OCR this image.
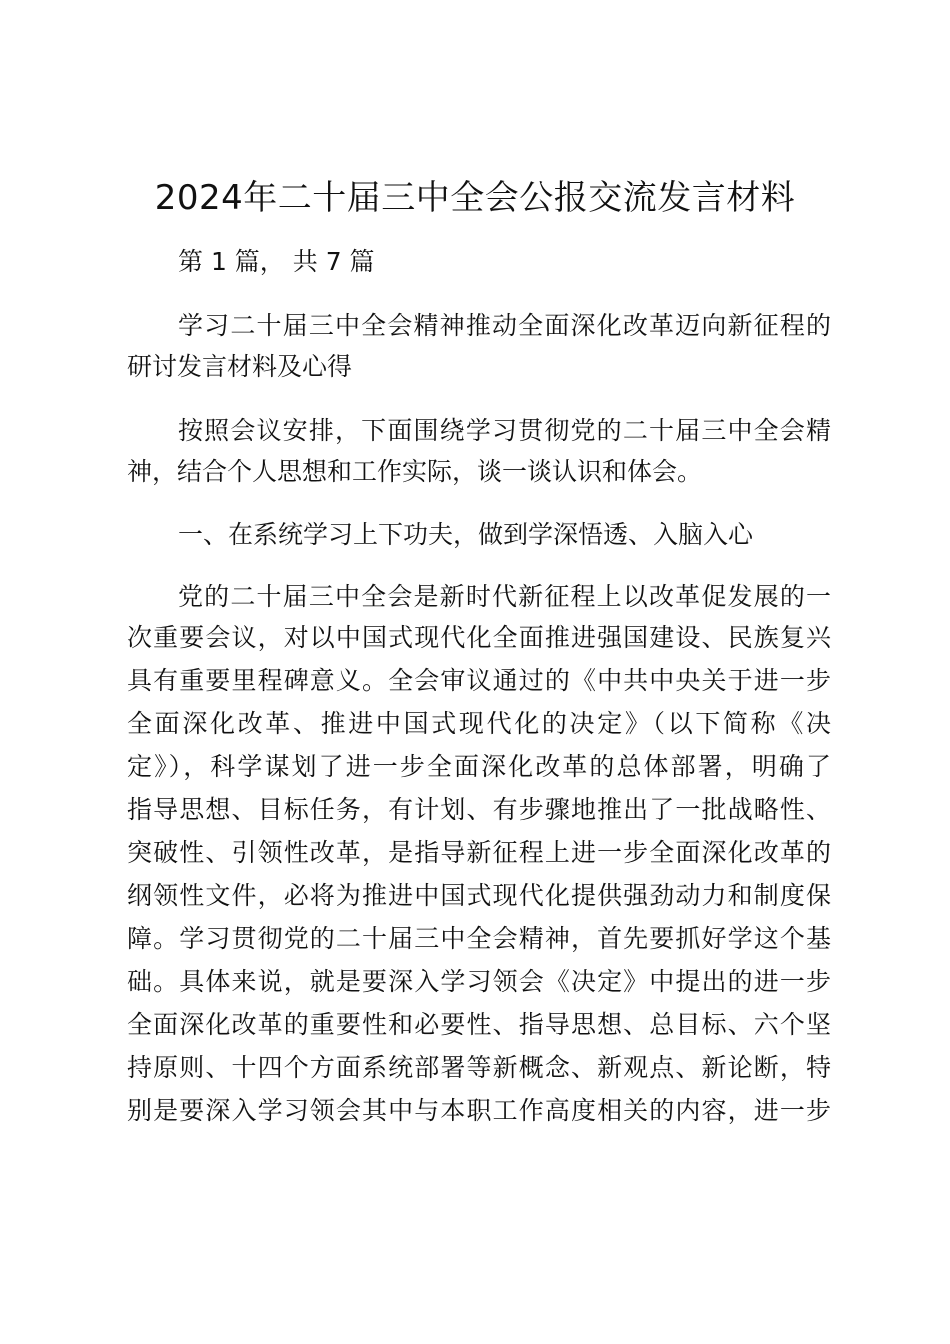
2024年二十届三中全会公报交流发言材料
第 1 篇， 共 7 篇
学习二十届三中全会精神推动全面深化改革迈向新征程的
研讨发言材料及心得
按照会议安排，下面围绕学习贯彻党的二十届三中全会精
神，结合个人思想和工作实际，谈一谈认识和体会。
一、在系统学习上下功夫，做到学深悟透、入脑入心
党的二十届三中全会是新时代新征程上以改革促发展的一
次重要会议，对以中国式现代化全面推进强国建设、民族复兴
具有重要里程碑意义。全会审议通过的《中共中央关于进一步
全面深化改革、推进中国式现代化的决定》（以下简称《决
定》），科学谋划了进一步全面深化改革的总体部署，明确了
指导思想、目标任务，有计划、有步骤地推出了一批战略性、
突破性、引领性改革，是指导新征程上进一步全面深化改革的
纲领性文件，必将为推进中国式现代化提供强劲动力和制度保
障。学习贯彻党的二十届三中全会精神，首先要抓好学这个基
础。具体来说，就是要深入学习领会《决定》中提出的进一步
全面深化改革的重要性和必要性、指导思想、总目标、六个坚
持原则、十四个方面系统部署等新概念、新观点、新论断，特
别是要深入学习领会其中与本职工作高度相关的内容，进一步
